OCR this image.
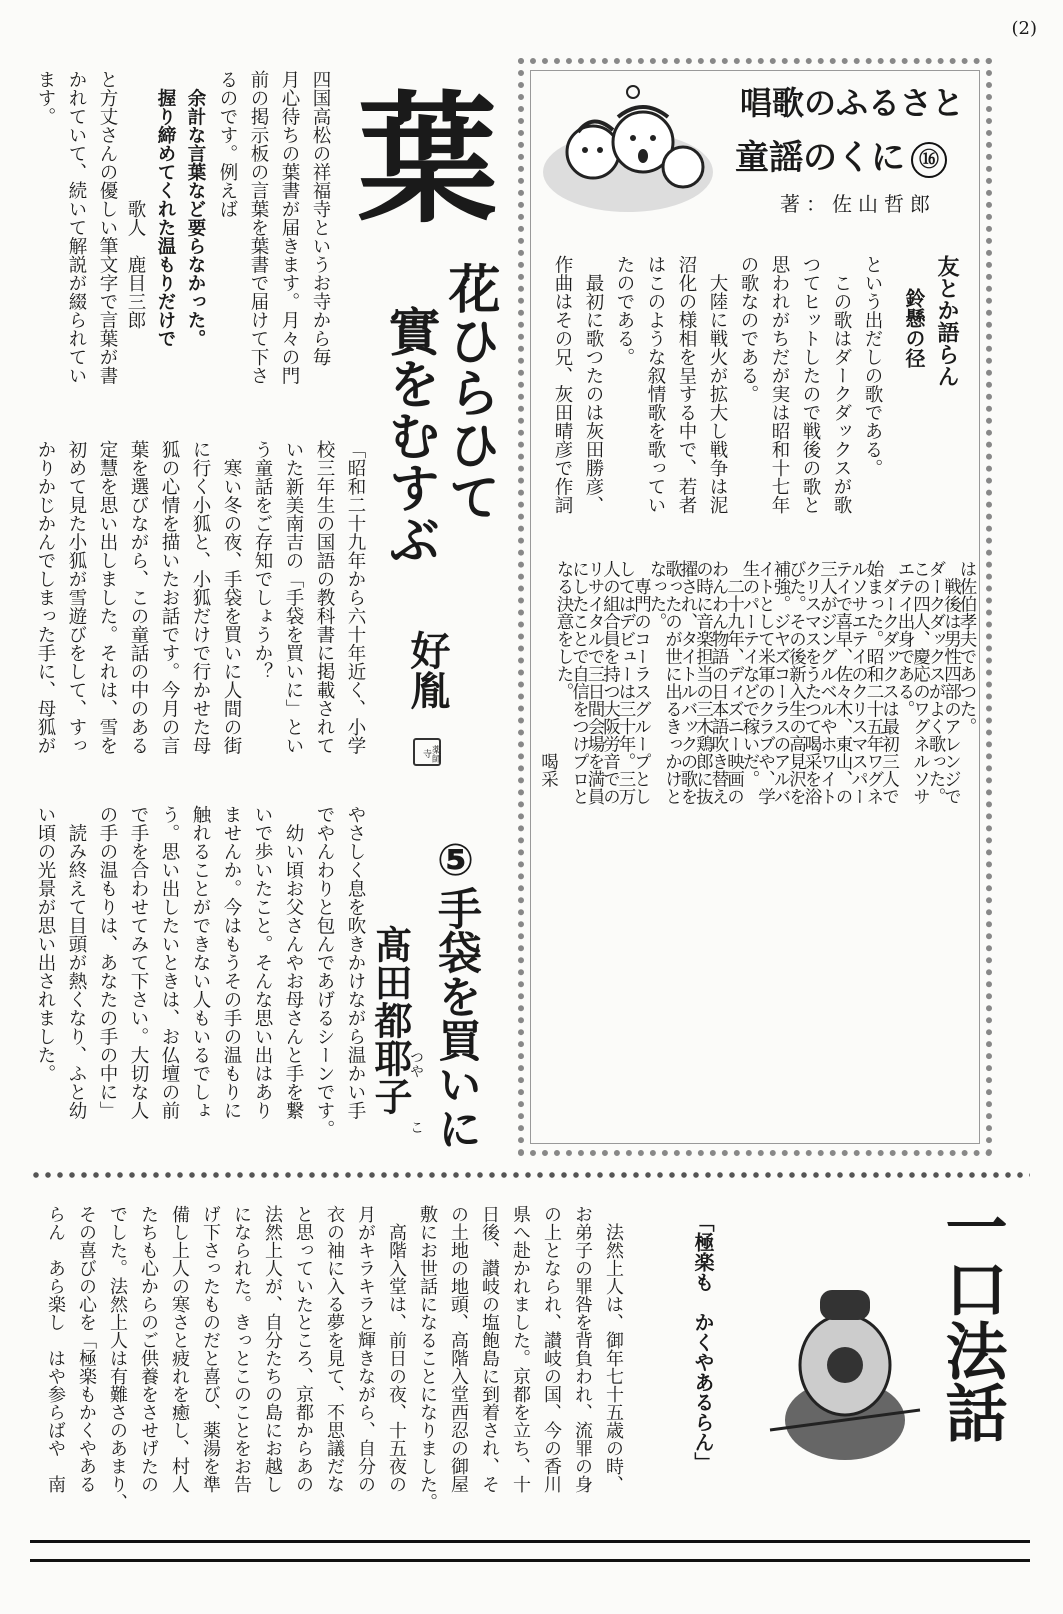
(2)
葉
花ひらひて
實をむすぶ
好胤
薬師寺
四国高松の祥福寺というお寺から毎
月心待ちの葉書が届きます。月々の門
前の掲示板の言葉を葉書で届けて下さ
るのです。例えば
　余計な言葉など要らなかった。
　握り締めてくれた温もりだけで
　　　　　　　歌人　鹿目三郎
と方丈さんの優しい筆文字で言葉が書
かれていて、続いて解説が綴られてい
ます。
「昭和二十九年から六十年近く、小学
校三年生の国語の教科書に掲載されて
いた新美南吉の「手袋を買いに」とい
う童話をご存知でしょうか？
　寒い冬の夜、手袋を買いに人間の街
に行く小狐と、小狐だけで行かせた母
狐の心情を描いたお話です。今月の言
葉を選びながら、この童話の中のある
定慧を思い出しました。それは、雪を
初めて見た小狐が雪遊びをして、すっ
かりかじかんでしまった手に、母狐が
⑤手袋を買いに
髙田都耶子
つや
こ
やさしく息を吹きかけながら温かい手
でやんわりと包んであげるシーンです。
　幼い頃お父さんやお母さんと手を繋
いで歩いたこと。そんな思い出はあり
ませんか。今はもうその手の温もりに
触れることができない人もいるでしょ
う。思い出したいときは、お仏壇の前
で手を合わせてみて下さい。大切な人
の手の温もりは、あなたの手の中に」
　読み終えて目頭が熱くなり、ふと幼
い頃の光景が思い出されました。
唱歌のふるさと
童謡のくに ⑯
著：佐山哲郎
友とか語らん
鈴懸の径
という出だしの歌である。
　この歌はダークダックスが歌
つてヒットしたので戦後の歌と
思われがちだが実は昭和十七年
の歌なのである。
　大陸に戦火が拡大し戦争は泥
沼化の様相を呈する中で、若者
はこのような叙情歌を歌ってい
たのである。
　最初に歌つたのは灰田勝彦、
作曲はその兄、灰田晴彦で作詞
は佐伯孝夫であつた。
　戦後は男性四部のアレンジで
ダークダックスがよく歌った。
この四人、慶応のワグネルソサ
エテイ出身である。
　ダークダックスは最初三人で
始まった。昭和二十五年ワグネ
ルソサエテイのクリスマスパー
テイで喜早、佐々木、東山、の
三人がジングルベルやホワイト
クリスマスをうたつて喝采を浴
びた。その後新入生の高見沢を
補強。ジヤズコーラスのアルバ
イトとして米軍のクラブや、学
生のパーテイなどで稼いだ。
　二十九年、ディズニー映画の
わんわん物語の日本語吹き替え
の時に音楽担当の三木鶏郎に抜
擢され、タイトルバックの歌を
歌ったのが世に出るきっかけと
なった。
　専門のコーラスグループとし
してはデビューは三十年。三万
人の組合員を持つ大阪労音での
リサイタルで三日間会場を満員
にしたことで自信をつけプロと
なる決意をした。
　　　　　　　　　　　喝采
一口法話
「極楽も　かくやあるらん」
　法然上人は、御年七十五歳の時、
お弟子の罪咎を背負われ、流罪の身
の上となられ、讃岐の国、今の香川
県へ赴かれました。京都を立ち、十
日後、讃岐の塩飽島に到着され、そ
の土地の地頭、高階入堂西忍の御屋
敷にお世話になることになりました。
　高階入堂は、前日の夜、十五夜の
月がキラキラと輝きながら、自分の
衣の袖に入る夢を見て、不思議だな
と思っていたところ、京都からあの
法然上人が、自分たちの島にお越し
になられた。きっとこのことをお告
げ下さったものだと喜び、薬湯を準
備し上人の寒さと疲れを癒し、村人
たちも心からのご供養をさせげたの
でした。法然上人は有難さのあまり、
その喜びの心を「極楽もかくやある
らん　あら楽し　はや参らばや　南
